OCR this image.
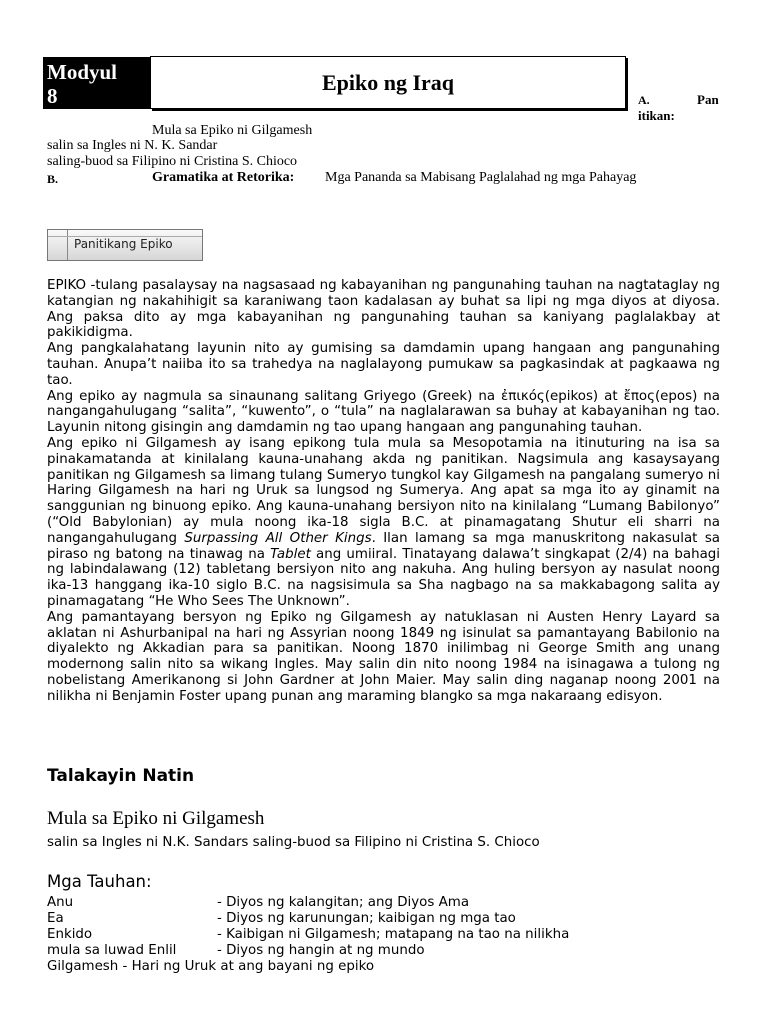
Modyul
8
Epiko ng Iraq
A.	Pan
itikan:
Mula sa Epiko ni Gilgamesh
salin sa Ingles ni N. K. Sandar
saling-buod sa Filipino ni Cristina S. Chioco
B.	Gramatika at Retorika: Mga Pananda sa Mabisang Paglalahad ng mga Pahayag
Panitikang Epiko

EPIKO -tulang pasalaysay na nagsasaad ng kabayanihan ng pangunahing tauhan na nagtataglay ng katangian ng nakahihigit sa karaniwang taon kadalasan ay buhat sa lipi ng mga diyos at diyosa. Ang paksa dito ay mga kabayanihan ng pangunahing tauhan sa kaniyang paglalakbay at pakikidigma.

Ang pangkalahatang layunin nito ay gumising sa damdamin upang hangaan ang pangunahing tauhan. Anupa’t naiiba ito sa trahedya na naglalayong pumukaw sa pagkasindak at pagkaawa ng tao.

Ang epiko ay nagmula sa sinaunang salitang Griyego (Greek) na ἐπικός(epikos) at ἔπος(epos) na nangangahulugang “salita”, “kuwento”, o “tula” na naglalarawan sa buhay at kabayanihan ng tao. Layunin nitong gisingin ang damdamin ng tao upang hangaan ang pangunahing tauhan.

Ang epiko ni Gilgamesh ay isang epikong tula mula sa Mesopotamia na itinuturing na isa sa pinakamatanda at kinilalang kauna-unahang akda ng panitikan. Nagsimula ang kasaysayang panitikan ng Gilgamesh sa limang tulang Sumeryo tungkol kay Gilgamesh na pangalang sumeryo ni Haring Gilgamesh na hari ng Uruk sa lungsod ng Sumerya. Ang apat sa mga ito ay ginamit na sanggunian ng binuong epiko. Ang kauna-unahang bersiyon nito na kinilalang “Lumang Babilonyo” (“Old Babylonian) ay mula noong ika-18 sigla B.C. at pinamagatang Shutur eli sharri na nangangahulugang Surpassing All Other Kings. Ilan lamang sa mga manuskritong nakasulat sa piraso ng batong na tinawag na Tablet ang umiiral. Tinatayang dalawa’t singkapat (2/4) na bahagi ng labindalawang (12) tabletang bersiyon nito ang nakuha. Ang huling bersyon ay nasulat noong ika-13 hanggang ika-10 siglo B.C. na nagsisimula sa Sha nagbago na sa makkabagong salita ay pinamagatang “He Who Sees The Unknown”.

Ang pamantayang bersyon ng Epiko ng Gilgamesh ay natuklasan ni Austen Henry Layard sa aklatan ni Ashurbanipal na hari ng Assyrian noong 1849 ng isinulat sa pamantayang Babilonio na diyalekto ng Akkadian para sa panitikan. Noong 1870 inilimbag ni George Smith ang unang modernong salin nito sa wikang Ingles. May salin din nito noong 1984 na isinagawa a tulong ng nobelistang Amerikanong si John Gardner at John Maier. May salin ding naganap noong 2001 na nilikha ni Benjamin Foster upang punan ang maraming blangko sa mga nakaraang edisyon.

Talakayin Natin
Mula sa Epiko ni Gilgamesh
salin sa Ingles ni N.K. Sandars saling-buod sa Filipino ni Cristina S. Chioco
Mga Tauhan:
Anu	- Diyos ng kalangitan; ang Diyos Ama
Ea	- Diyos ng karunungan; kaibigan ng mga tao
Enkido	- Kaibigan ni Gilgamesh; matapang na tao na nilikha
mula sa luwad Enlil	- Diyos ng hangin at ng mundo
Gilgamesh - Hari ng Uruk at ang bayani ng epiko
